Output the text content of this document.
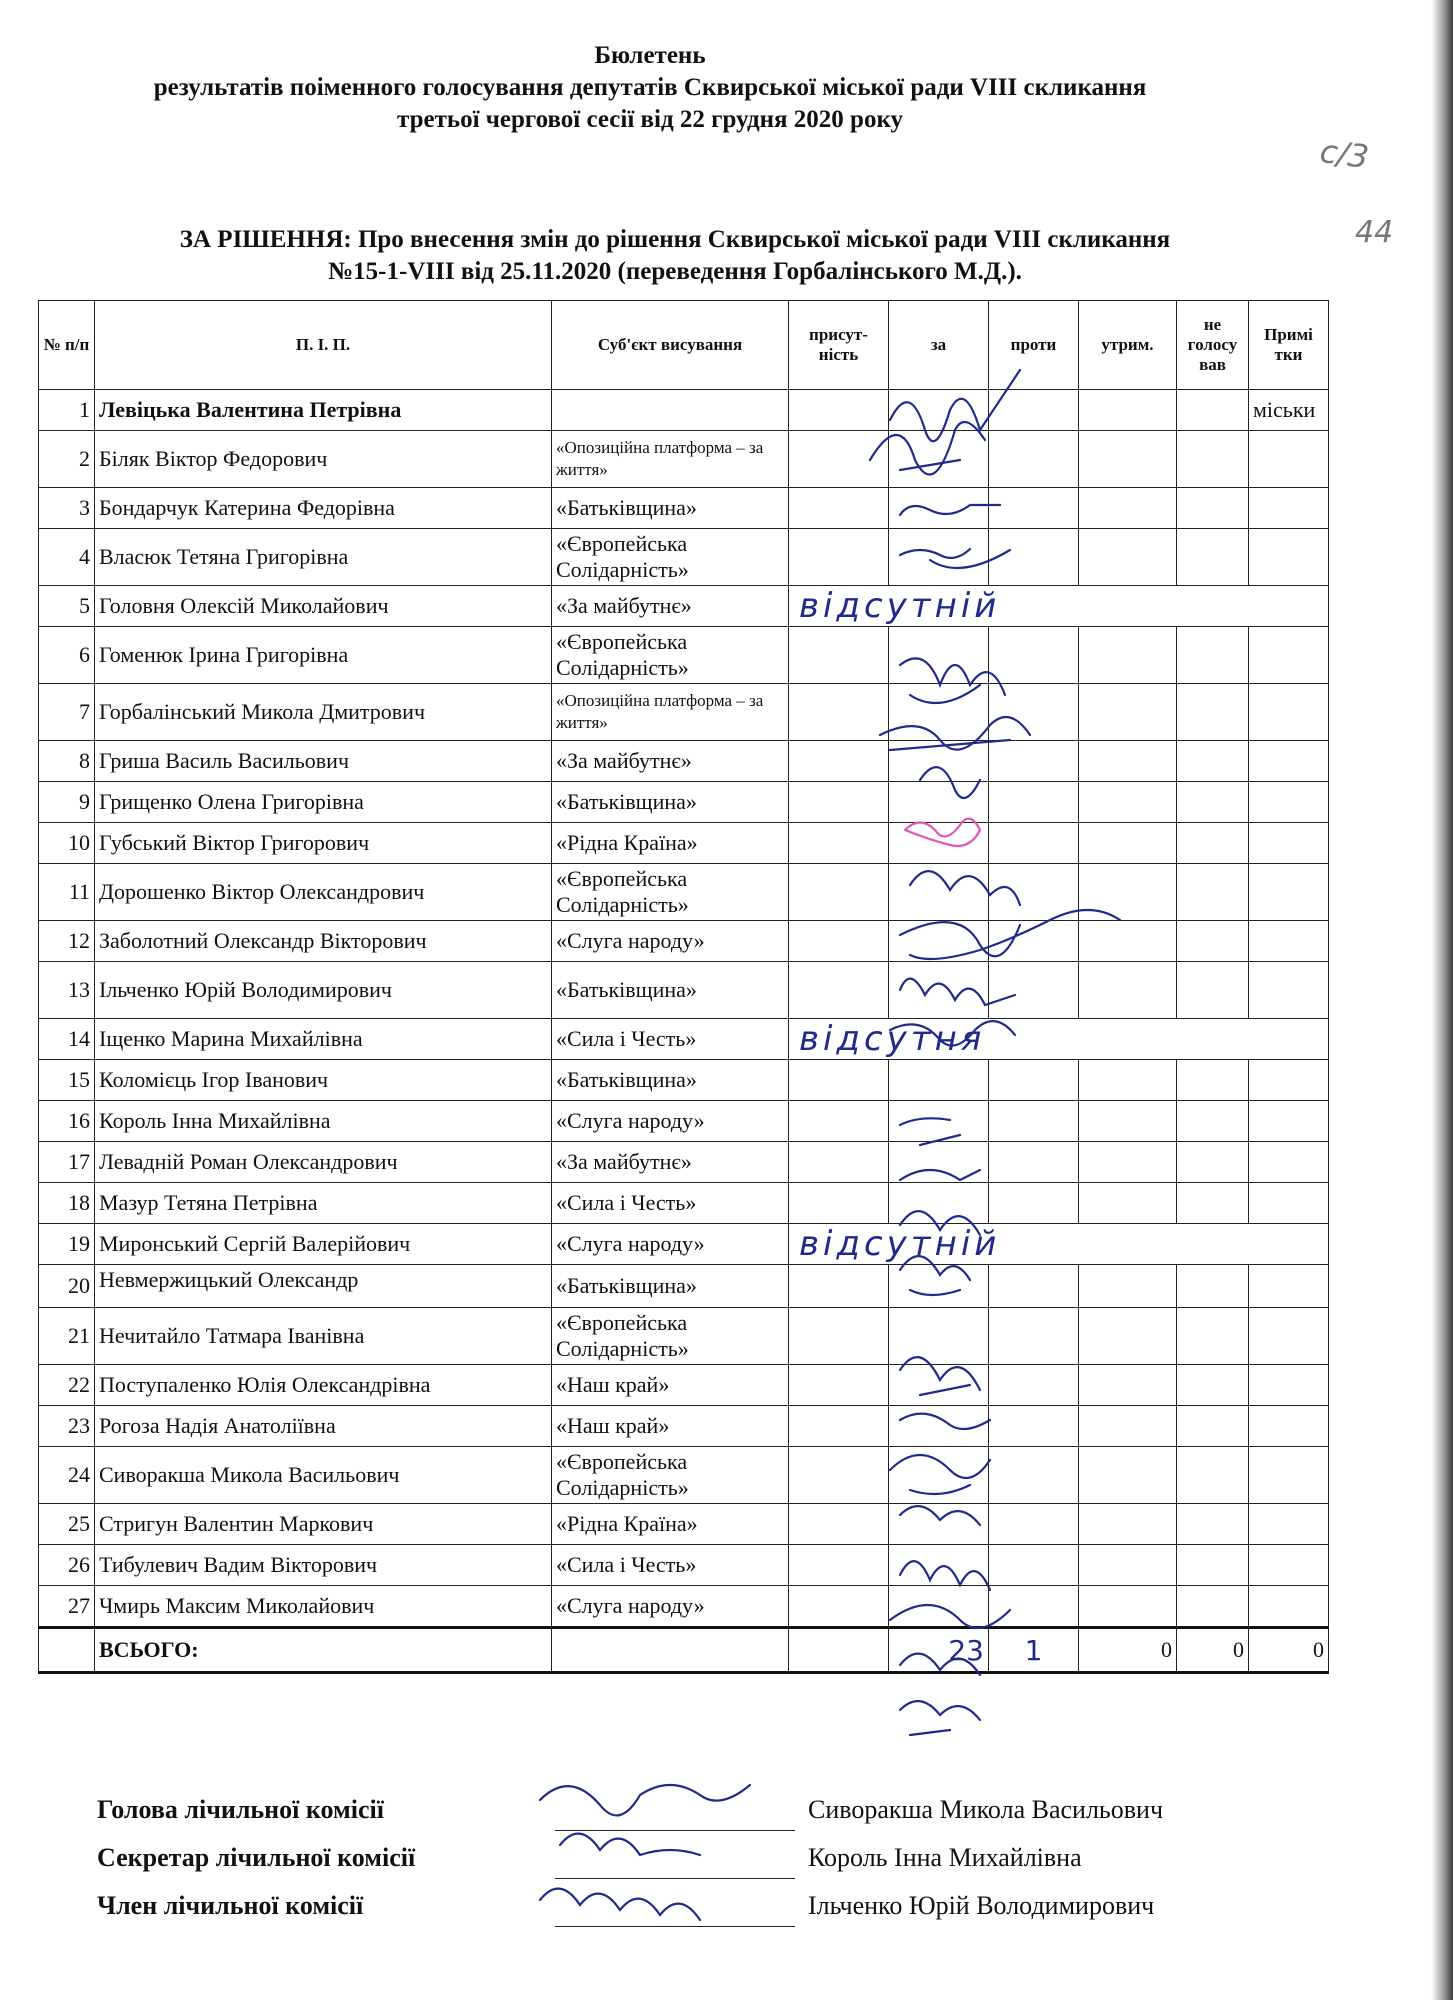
Бюлетень
результатів поіменного голосування депутатів Сквирської міської ради VIII скликання
третьої чергової сесії від 22 грудня 2020 року
с/3
44
ЗА РІШЕННЯ: Про внесення змін до рішення Сквирської міської ради VIII скликання
№15-1-VIII від 25.11.2020 (переведення Горбалінського М.Д.).
№ п/п	П. І. П.	Суб'єкт висування	присут-ність	за	проти	утрим.	не голосу вав	Примі тки
1	Левіцька Валентина Петрівна							міськи
2	Біляк Віктор Федорович	«Опозиційна платформа – за життя»						
3	Бондарчук Катерина Федорівна	«Батьківщина»						
4	Власюк Тетяна Григорівна	«Європейська Солідарність»						
5	Головня Олексій Миколайович	«За майбутнє»	відсутній					
6	Гоменюк Ірина Григорівна	«Європейська Солідарність»						
7	Горбалінський Микола Дмитрович	«Опозиційна платформа – за життя»						
8	Гриша Василь Васильович	«За майбутнє»						
9	Грищенко Олена Григорівна	«Батьківщина»						
10	Губський Віктор Григорович	«Рідна Країна»						
11	Дорошенко Віктор Олександрович	«Європейська Солідарність»						
12	Заболотний Олександр Вікторович	«Слуга народу»						
13	Ільченко Юрій Володимирович	«Батьківщина»						
14	Іщенко Марина Михайлівна	«Сила і Честь»	відсутня					
15	Коломієць Ігор Іванович	«Батьківщина»						
16	Король Інна Михайлівна	«Слуга народу»						
17	Левадній Роман Олександрович	«За майбутнє»						
18	Мазур Тетяна Петрівна	«Сила і Честь»						
19	Миронський Сергій Валерійович	«Слуга народу»	відсутній					
20	Невмержицький Олександр	«Батьківщина»						
21	Нечитайло Татмара Іванівна	«Європейська Солідарність»						
22	Поступаленко Юлія Олександрівна	«Наш край»						
23	Рогоза Надія Анатоліївна	«Наш край»						
24	Сиворакша Микола Васильович	«Європейська Солідарність»						
25	Стригун Валентин Маркович	«Рідна Країна»						
26	Тибулевич Вадим Вікторович	«Сила і Честь»						
27	Чмирь Максим Миколайович	«Слуга народу»						
	ВСЬОГО:			23	1	0	0	0
Голова лічильної комісії	Сиворакша Микола Васильович
Секретар лічильної комісії	Король Інна Михайлівна
Член лічильної комісії	Ільченко Юрій Володимирович
